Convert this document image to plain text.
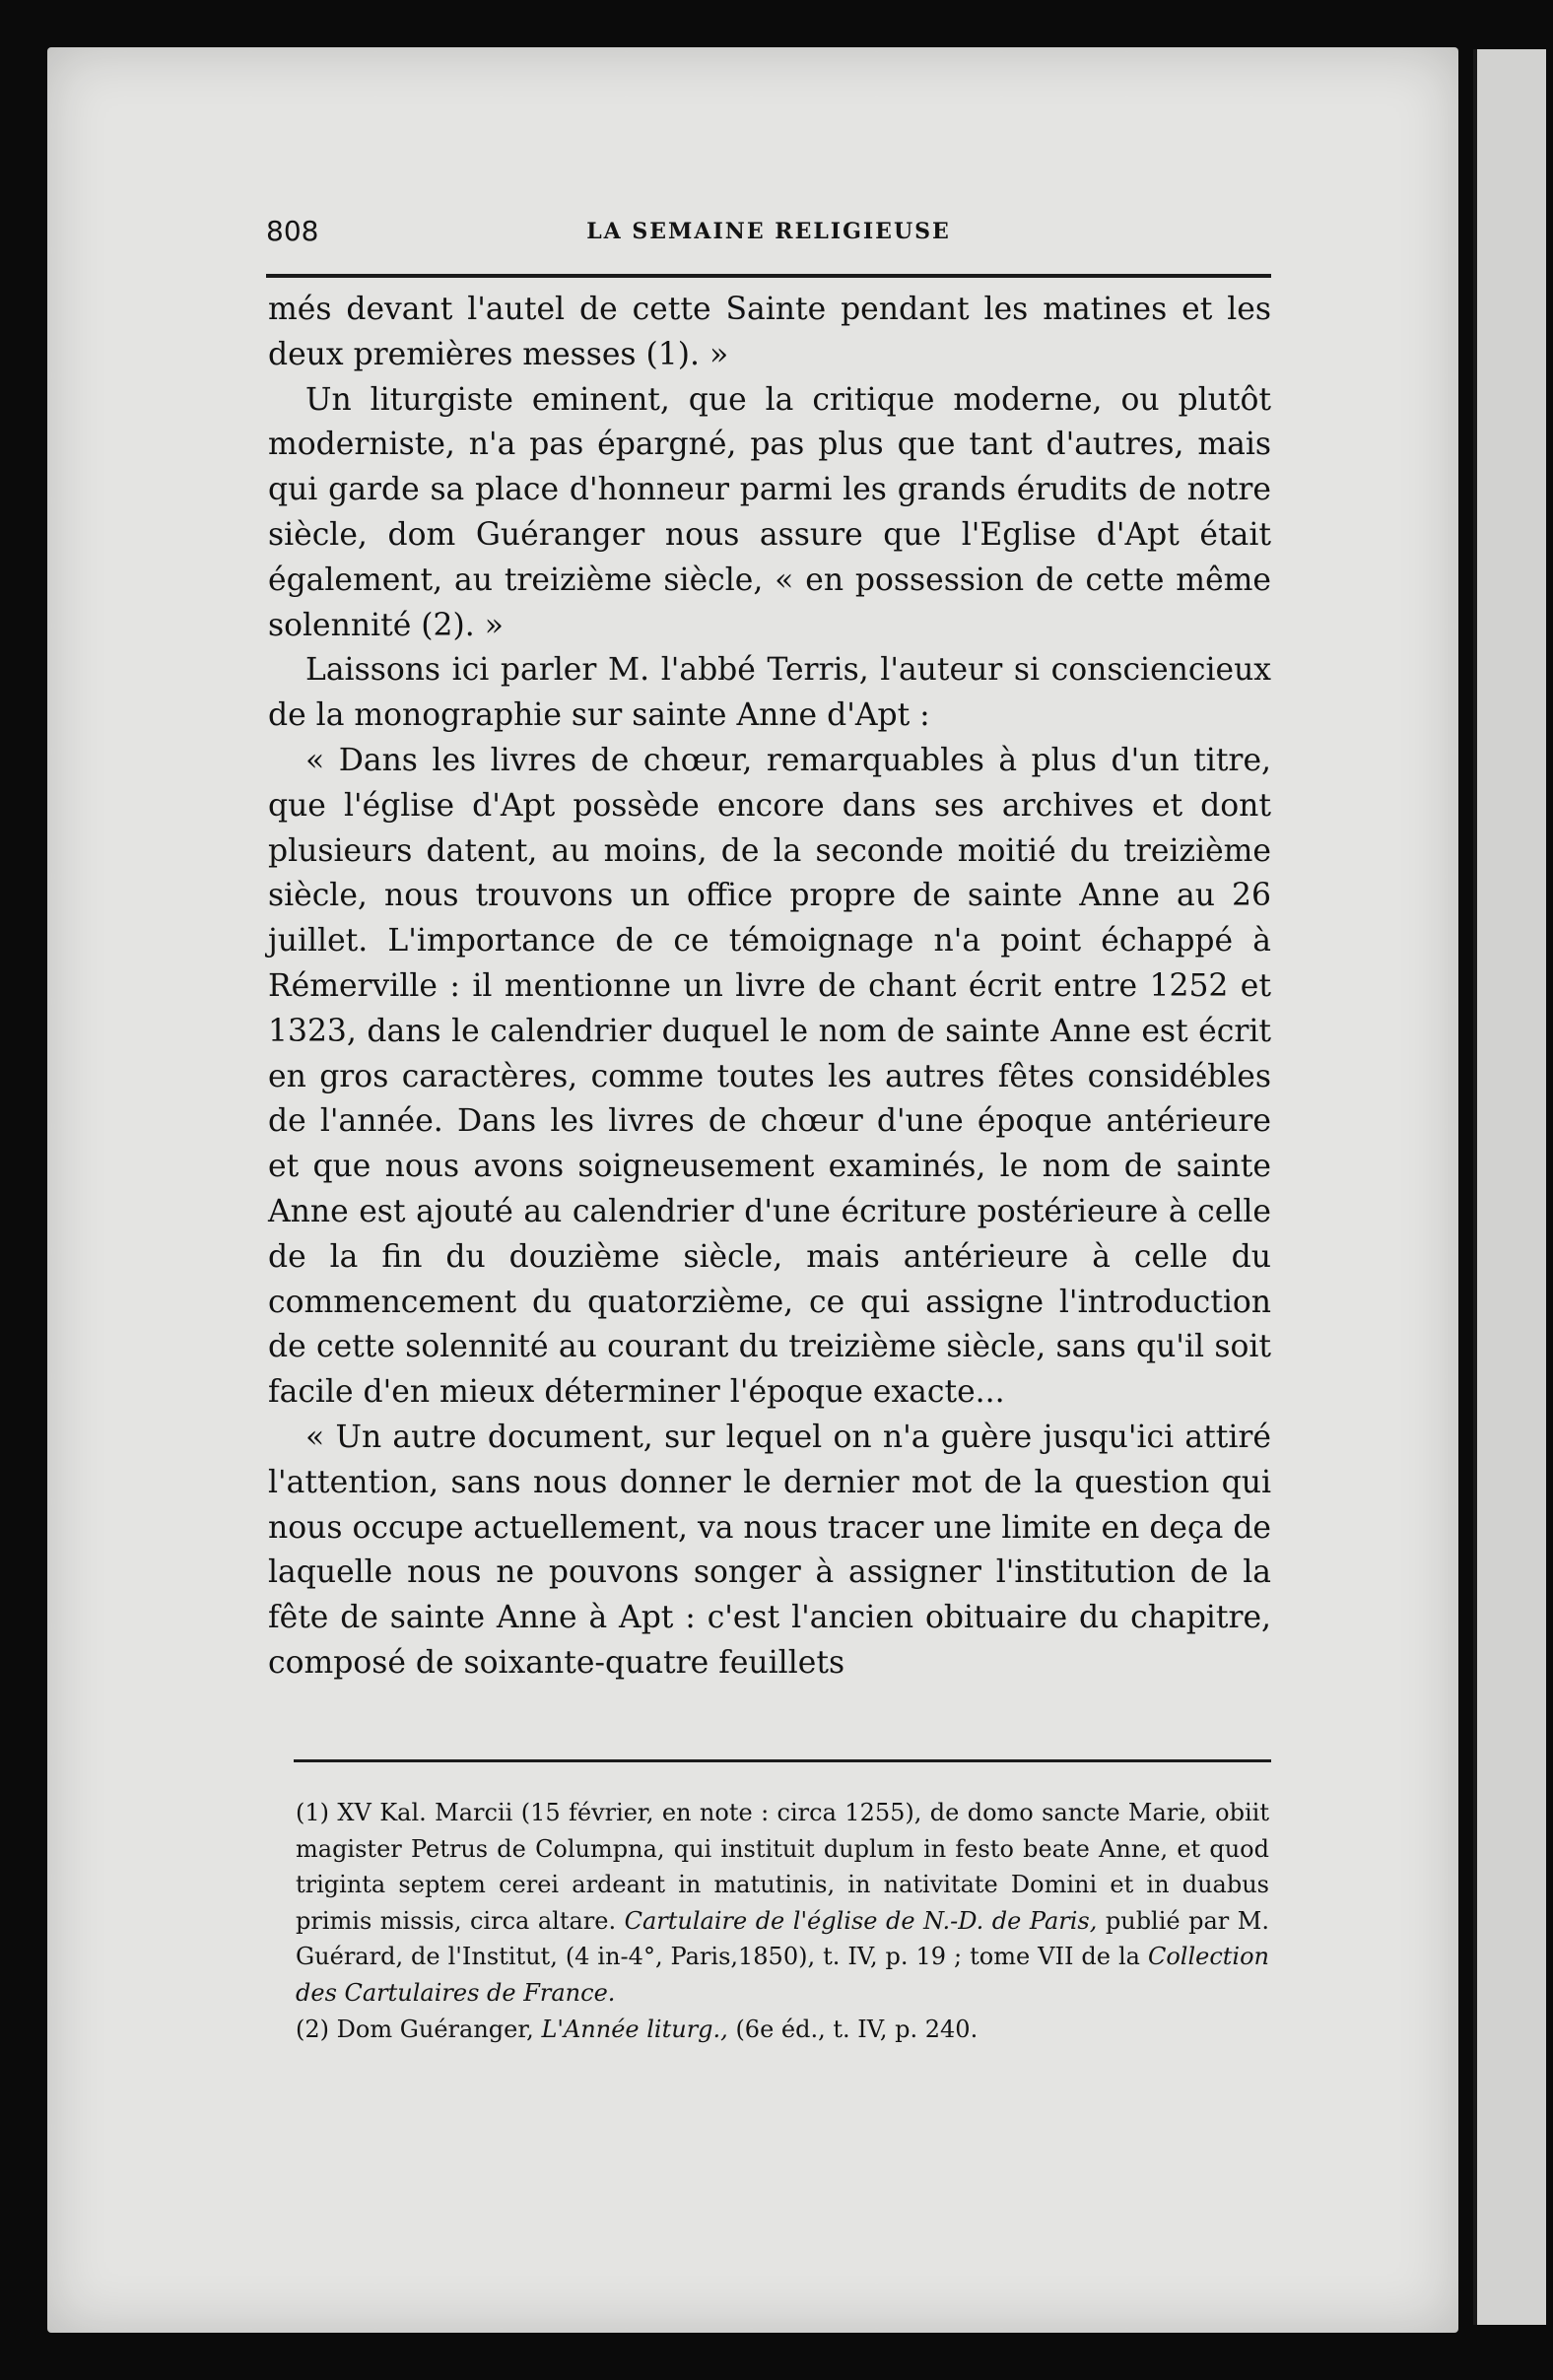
808	LA SEMAINE RELIGIEUSE

més devant l'autel de cette Sainte pendant les matines et les deux premières messes (1). »

Un liturgiste eminent, que la critique moderne, ou plutôt moderniste, n'a pas épargné, pas plus que tant d'autres, mais qui garde sa place d'honneur parmi les grands érudits de notre siècle, dom Guéranger nous assure que l'Eglise d'Apt était également, au treizième siècle, « en possession de cette même solennité (2). »

Laissons ici parler M. l'abbé Terris, l'auteur si consciencieux de la monographie sur sainte Anne d'Apt :

« Dans les livres de chœur, remarquables à plus d'un titre, que l'église d'Apt possède encore dans ses archives et dont plusieurs datent, au moins, de la seconde moitié du treizième siècle, nous trouvons un office propre de sainte Anne au 26 juillet. L'importance de ce témoignage n'a point échappé à Rémerville : il mentionne un livre de chant écrit entre 1252 et 1323, dans le calendrier duquel le nom de sainte Anne est écrit en gros caractères, comme toutes les autres fêtes considébles de l'année. Dans les livres de chœur d'une époque antérieure et que nous avons soigneusement examinés, le nom de sainte Anne est ajouté au calendrier d'une écriture postérieure à celle de la fin du douzième siècle, mais antérieure à celle du commencement du quatorzième, ce qui assigne l'introduction de cette solennité au courant du treizième siècle, sans qu'il soit facile d'en mieux déterminer l'époque exacte...

« Un autre document, sur lequel on n'a guère jusqu'ici attiré l'attention, sans nous donner le dernier mot de la question qui nous occupe actuellement, va nous tracer une limite en deça de laquelle nous ne pouvons songer à assigner l'institution de la fête de sainte Anne à Apt : c'est l'ancien obituaire du chapitre, composé de soixante-quatre feuillets

(1) XV Kal. Marcii (15 février, en note : circa 1255), de domo sancte Marie, obiit magister Petrus de Columpna, qui instituit duplum in festo beate Anne, et quod triginta septem cerei ardeant in matutinis, in nativitate Domini et in duabus primis missis, circa altare. Cartulaire de l'église de N.-D. de Paris, publié par M. Guérard, de l'Institut, (4 in-4°, Paris,1850), t. IV, p. 19 ; tome VII de la Collection des Cartulaires de France.

(2) Dom Guéranger, L'Année liturg., (6e éd., t. IV, p. 240.
